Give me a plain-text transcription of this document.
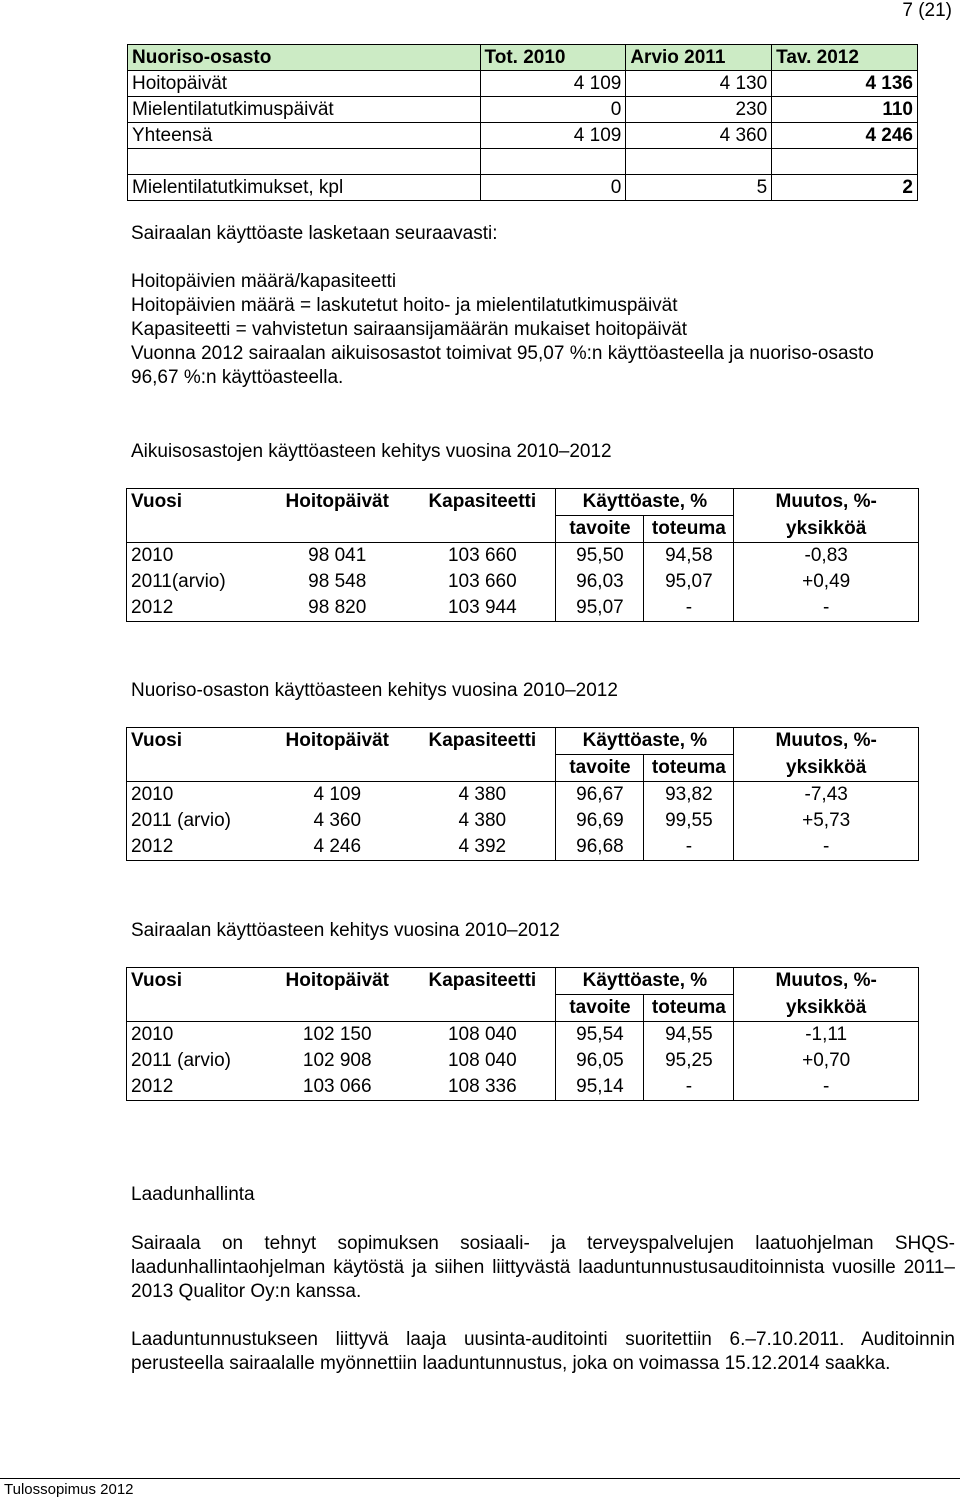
7 (21)
Nuoriso-osasto	Tot. 2010	Arvio 2011	Tav. 2012
Hoitopäivät	4 109	4 130	4 136
Mielentilatutkimuspäivät	0	230	110
Yhteensä	4 109	4 360	4 246

Mielentilatutkimukset, kpl	0	5	2
Sairaalan käyttöaste lasketaan seuraavasti:
Hoitopäivien määrä/kapasiteetti
Hoitopäivien määrä = laskutetut hoito- ja mielentilatutkimuspäivät
Kapasiteetti = vahvistetun sairaansijamäärän mukaiset hoitopäivät
Vuonna 2012 sairaalan aikuisosastot toimivat 95,07 %:n käyttöasteella ja nuoriso-osasto
96,67 %:n käyttöasteella.
Aikuisosastojen käyttöasteen kehitys vuosina 2010–2012
Vuosi	Hoitopäivät	Kapasiteetti	Käyttöaste, %		Muutos, %-
			tavoite	toteuma	yksikköä
2010	98 041	103 660	95,50	94,58	-0,83
2011(arvio)	98 548	103 660	96,03	95,07	+0,49
2012	98 820	103 944	95,07	-	-
Nuoriso-osaston käyttöasteen kehitys vuosina 2010–2012
Vuosi	Hoitopäivät	Kapasiteetti	Käyttöaste, %		Muutos, %-
			tavoite	toteuma	yksikköä
2010	4 109	4 380	96,67	93,82	-7,43
2011 (arvio)	4 360	4 380	96,69	99,55	+5,73
2012	4 246	4 392	96,68	-	-
Sairaalan käyttöasteen kehitys vuosina 2010–2012
Vuosi	Hoitopäivät	Kapasiteetti	Käyttöaste, %		Muutos, %-
			tavoite	toteuma	yksikköä
2010	102 150	108 040	95,54	94,55	-1,11
2011 (arvio)	102 908	108 040	96,05	95,25	+0,70
2012	103 066	108 336	95,14	-	-
Laadunhallinta
Sairaala on tehnyt sopimuksen sosiaali- ja terveyspalvelujen laatuohjelman SHQS-laadunhallintaohjelman käytöstä ja siihen liittyvästä laaduntunnustusauditoinnista vuosille 2011–2013 Qualitor Oy:n kanssa.
Laaduntunnustukseen liittyvä laaja uusinta-auditointi suoritettiin 6.–7.10.2011. Auditoinnin perusteella sairaalalle myönnettiin laaduntunnustus, joka on voimassa 15.12.2014 saakka.
Tulossopimus 2012
